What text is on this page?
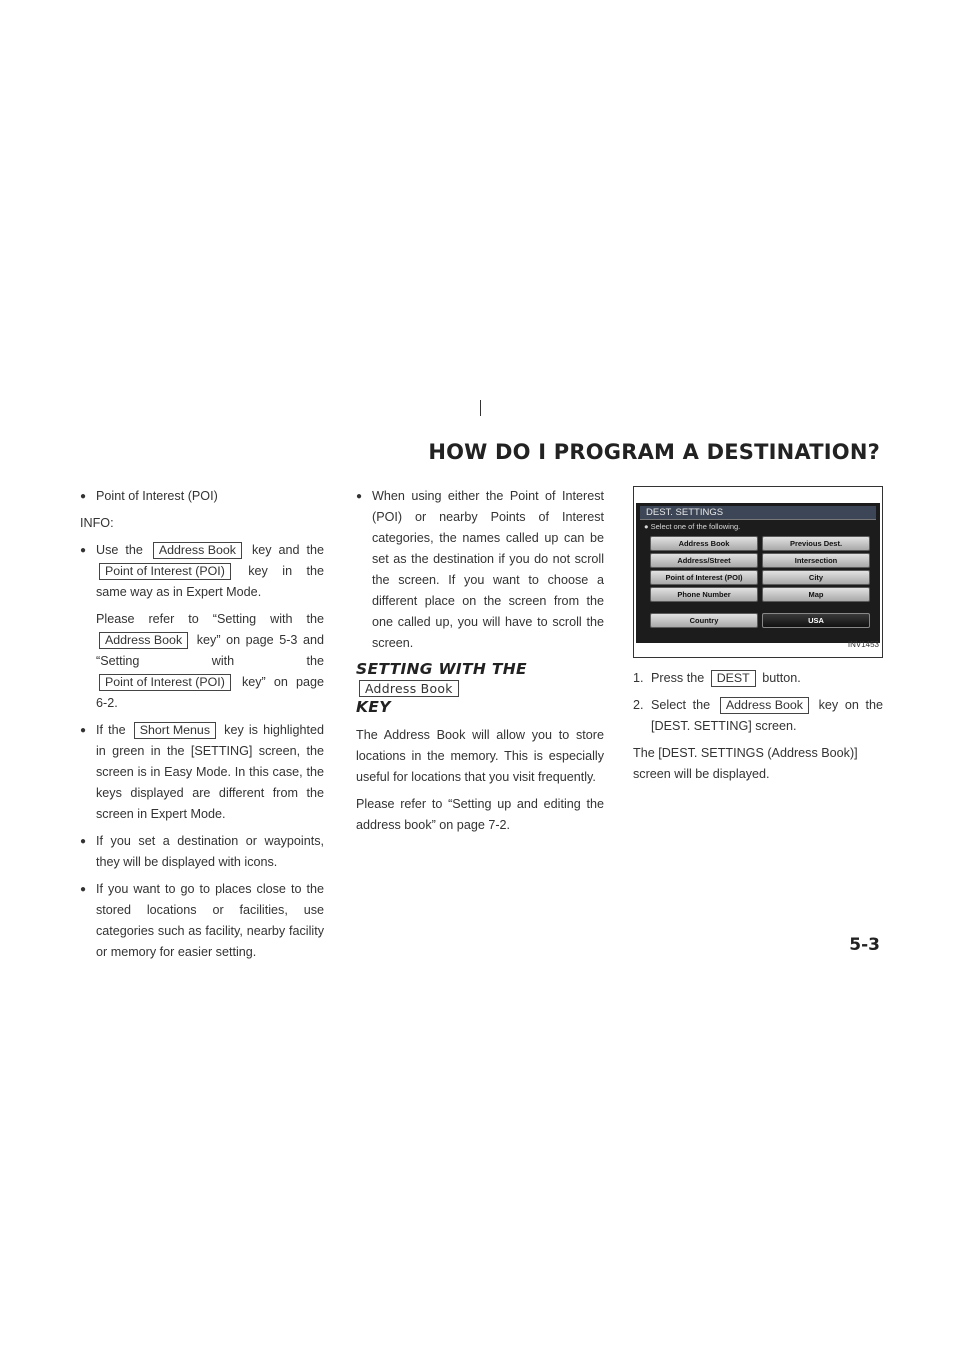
HOW DO I PROGRAM A DESTINATION?

● Point of Interest (POI)

INFO:

● Use the Address Book key and the Point of Interest (POI) key in the same way as in Expert Mode.

Please refer to “Setting with the Address Book key” on page 5-3 and “Setting with the Point of Interest (POI) key” on page 6-2.

● If the Short Menus key is highlighted in green in the [SETTING] screen, the screen is in Easy Mode. In this case, the keys displayed are different from the screen in Expert Mode.

● If you set a destination or waypoints, they will be displayed with icons.

● If you want to go to places close to the stored locations or facilities, use categories such as facility, nearby facility or memory for easier setting.

● When using either the Point of Interest (POI) or nearby Points of Interest categories, the names called up can be set as the destination if you do not scroll the screen. If you want to choose a different place on the screen from the one called up, you will have to scroll the screen.

SETTING WITH THE Address Book
KEY

The Address Book will allow you to store locations in the memory. This is especially useful for locations that you visit frequently.

Please refer to “Setting up and editing the address book” on page 7-2.

DEST. SETTINGS
● Select one of the following.
Address Book	Previous Dest.
Address/Street	Intersection
Point of Interest (POI)	City
Phone Number	Map
Country	USA
INV1453

1. Press the DEST button.

2. Select the Address Book key on the [DEST. SETTING] screen.

The [DEST. SETTINGS (Address Book)] screen will be displayed.

5-3
